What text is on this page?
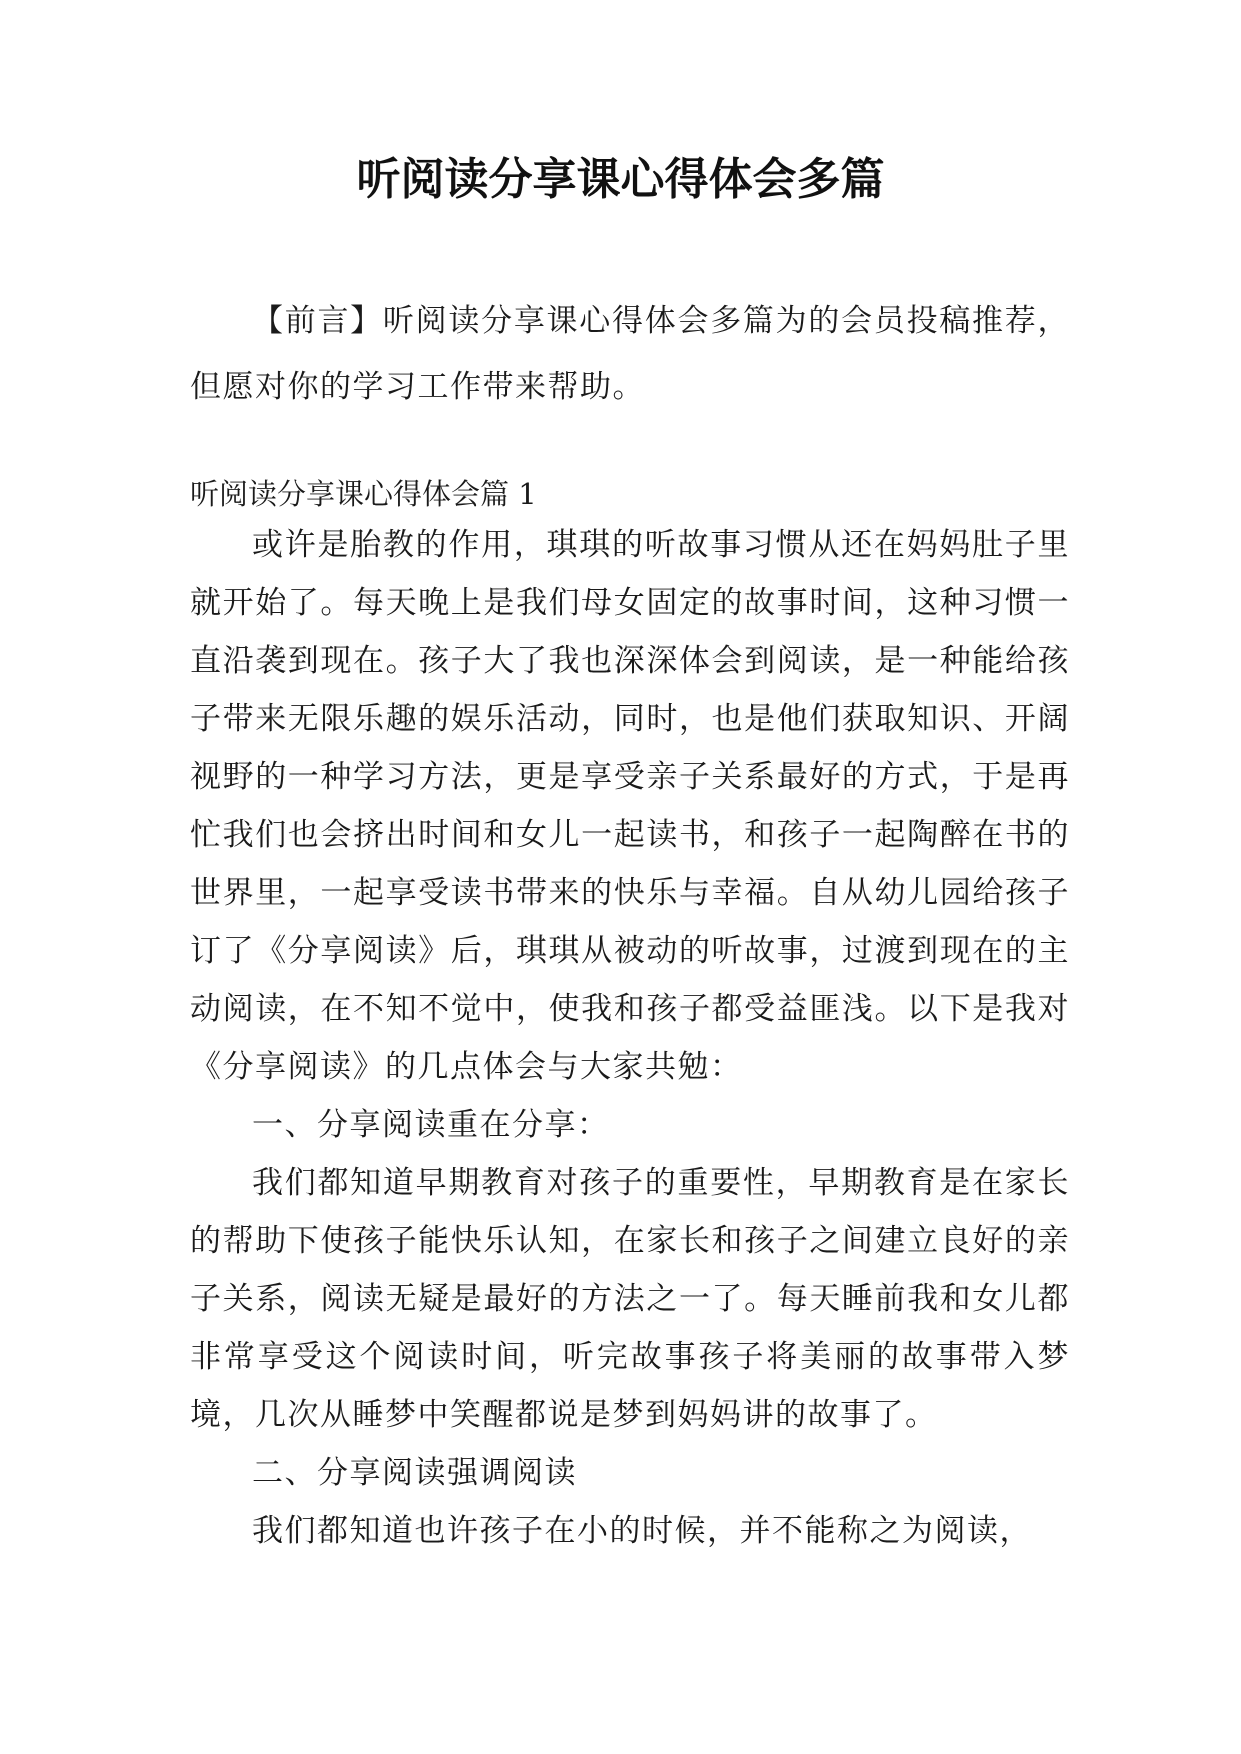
听阅读分享课心得体会多篇

【前言】听阅读分享课心得体会多篇为的会员投稿推荐，但愿对你的学习工作带来帮助。

听阅读分享课心得体会篇 1

或许是胎教的作用，琪琪的听故事习惯从还在妈妈肚子里就开始了。每天晚上是我们母女固定的故事时间，这种习惯一直沿袭到现在。孩子大了我也深深体会到阅读，是一种能给孩子带来无限乐趣的娱乐活动，同时，也是他们获取知识、开阔视野的一种学习方法，更是享受亲子关系最好的方式，于是再忙我们也会挤出时间和女儿一起读书，和孩子一起陶醉在书的世界里，一起享受读书带来的快乐与幸福。自从幼儿园给孩子订了《分享阅读》后，琪琪从被动的听故事，过渡到现在的主动阅读，在不知不觉中，使我和孩子都受益匪浅。以下是我对《分享阅读》的几点体会与大家共勉：

一、分享阅读重在分享：

我们都知道早期教育对孩子的重要性，早期教育是在家长的帮助下使孩子能快乐认知，在家长和孩子之间建立良好的亲子关系，阅读无疑是最好的方法之一了。每天睡前我和女儿都非常享受这个阅读时间，听完故事孩子将美丽的故事带入梦境，几次从睡梦中笑醒都说是梦到妈妈讲的故事了。

二、分享阅读强调阅读

我们都知道也许孩子在小的时候，并不能称之为阅读，
